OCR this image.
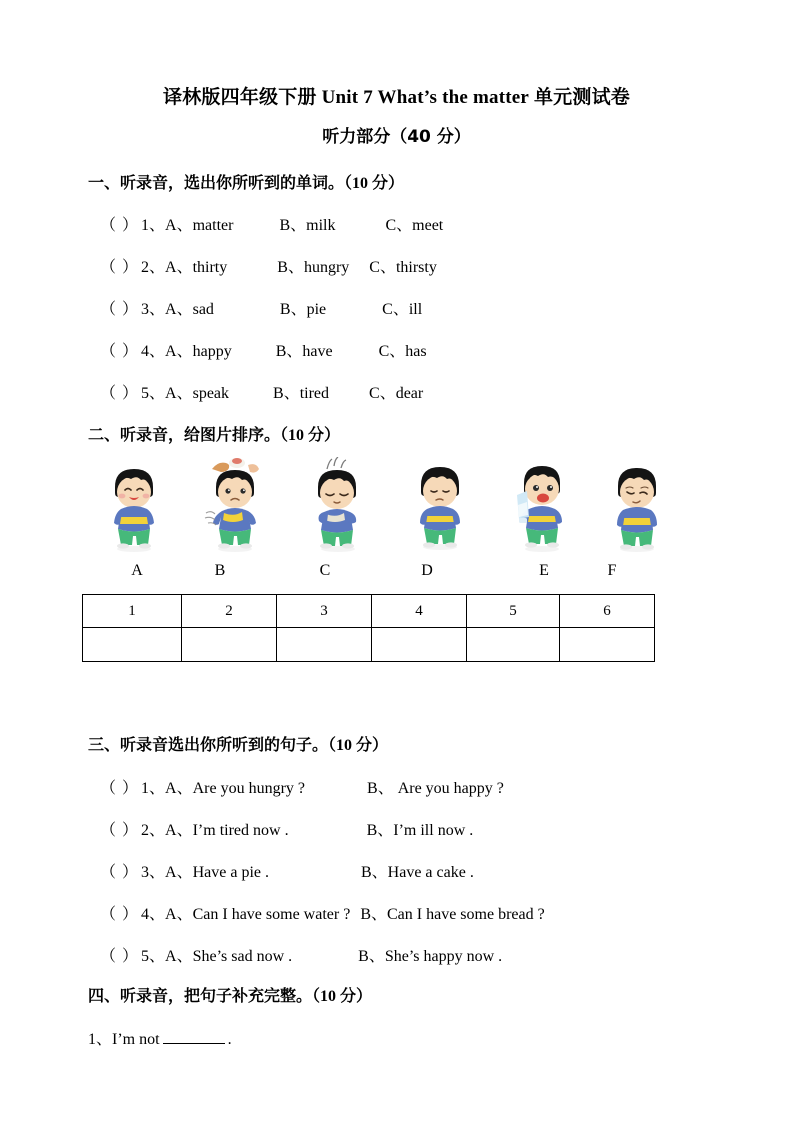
译林版四年级下册 Unit 7 What’s the matter 单元测试卷
听力部分（40 分）
一、听录音，选出你所听到的单词。（10 分）
（ ） 1、A、matter	B、milk	C、meet
（ ） 2、A、thirty	B、hungry C、thirsty
（ ） 3、A、sad	B、pie	C、ill
（ ） 4、A、happy	B、have	C、has
（ ） 5、A、speak	B、tired	C、dear
二、听录音，给图片排序。（10 分）
A	B	C	D	E	F
1	2	3	4	5	6

三、听录音选出你所听到的句子。（10 分）
（ ） 1、A、Are you hungry ?	B、 Are you happy ?
（ ） 2、A、I’m tired now .	B、I’m ill now .
（ ） 3、A、Have a pie .	B、Have a cake .
（ ） 4、A、Can I have some water ? B、Can I have some bread ?
（ ） 5、A、She’s sad now .	B、She’s happy now .
四、听录音，把句子补充完整。（10 分）
1、I’m not	.
